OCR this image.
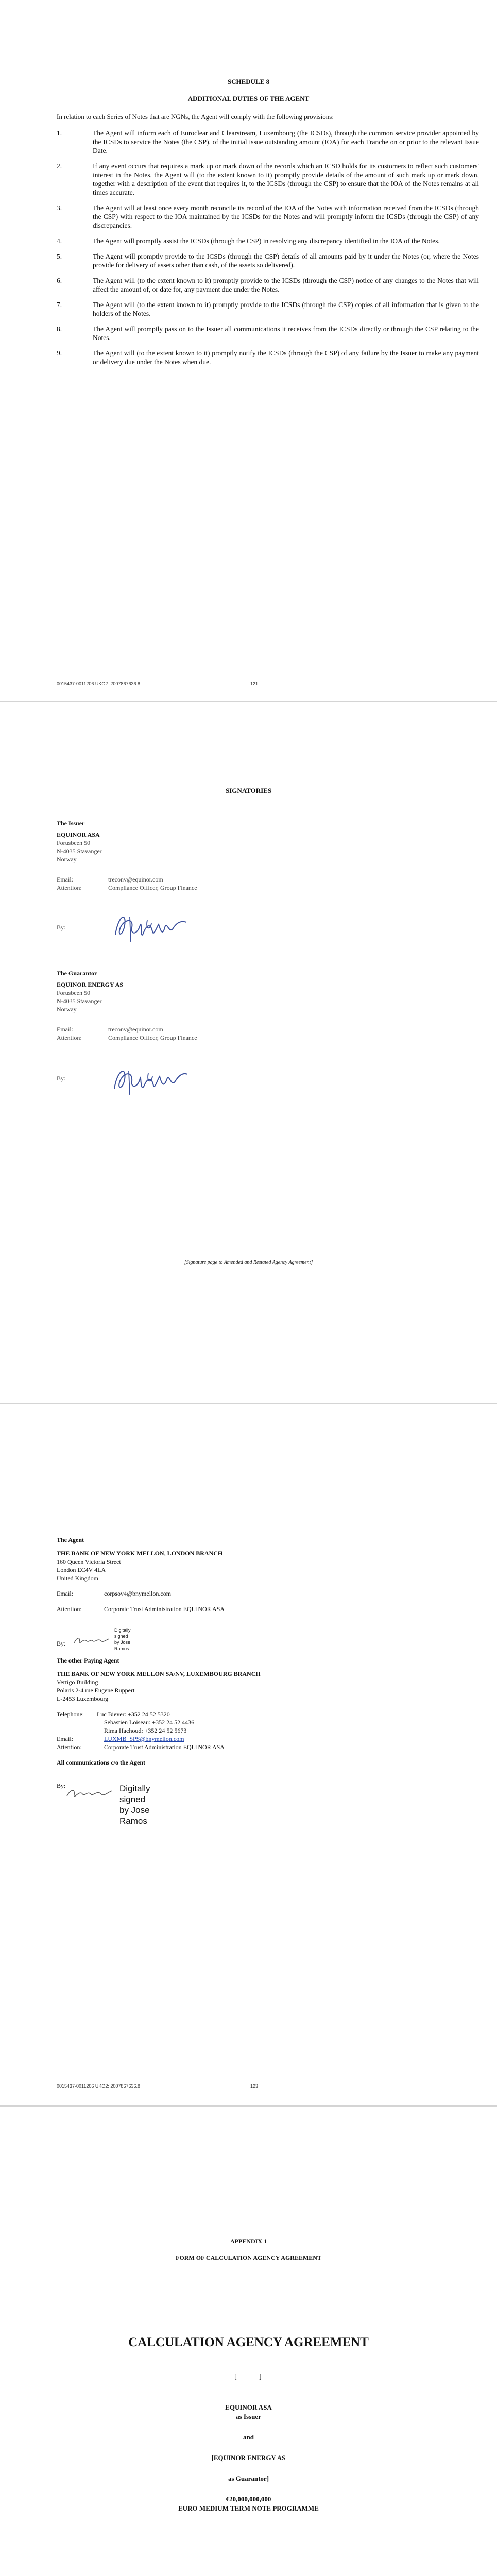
SCHEDULE 8
ADDITIONAL DUTIES OF THE AGENT
In relation to each Series of Notes that are NGNs, the Agent will comply with the following provisions:
1.	The Agent will inform each of Euroclear and Clearstream, Luxembourg (the ICSDs), through the common service provider appointed by the ICSDs to service the Notes (the CSP), of the initial issue outstanding amount (IOA) for each Tranche on or prior to the relevant Issue Date.
2.	If any event occurs that requires a mark up or mark down of the records which an ICSD holds for its customers to reflect such customers' interest in the Notes, the Agent will (to the extent known to it) promptly provide details of the amount of such mark up or mark down, together with a description of the event that requires it, to the ICSDs (through the CSP) to ensure that the IOA of the Notes remains at all times accurate.
3.	The Agent will at least once every month reconcile its record of the IOA of the Notes with information received from the ICSDs (through the CSP) with respect to the IOA maintained by the ICSDs for the Notes and will promptly inform the ICSDs (through the CSP) of any discrepancies.
4.	The Agent will promptly assist the ICSDs (through the CSP) in resolving any discrepancy identified in the IOA of the Notes.
5.	The Agent will promptly provide to the ICSDs (through the CSP) details of all amounts paid by it under the Notes (or, where the Notes provide for delivery of assets other than cash, of the assets so delivered).
6.	The Agent will (to the extent known to it) promptly provide to the ICSDs (through the CSP) notice of any changes to the Notes that will affect the amount of, or date for, any payment due under the Notes.
7.	The Agent will (to the extent known to it) promptly provide to the ICSDs (through the CSP) copies of all information that is given to the holders of the Notes.
8.	The Agent will promptly pass on to the Issuer all communications it receives from the ICSDs directly or through the CSP relating to the Notes.
9.	The Agent will (to the extent known to it) promptly notify the ICSDs (through the CSP) of any failure by the Issuer to make any payment or delivery due under the Notes when due.
0015437-0011206 UKO2: 2007867636.8	121
SIGNATORIES
The Issuer
EQUINOR ASA
Forusbeen 50
N-4035 Stavanger
Norway
Email:	treconv@equinor.com
Attention:	Compliance Officer, Group Finance
By:
The Guarantor
EQUINOR ENERGY AS
Forusbeen 50
N-4035 Stavanger
Norway
Email:	treconv@equinor.com
Attention:	Compliance Officer, Group Finance
By:
[Signature page to Amended and Restated Agency Agreement]
The Agent
THE BANK OF NEW YORK MELLON, LONDON BRANCH
160 Queen Victoria Street
London EC4V 4LA
United Kingdom
Email:	corpsov4@bnymellon.com
Attention:	Corporate Trust Administration EQUINOR ASA
By:
Digitally
signed
by Jose
Ramos
The other Paying Agent
THE BANK OF NEW YORK MELLON SA/NV, LUXEMBOURG BRANCH
Vertigo Building
Polaris 2-4 rue Eugene Ruppert
L-2453 Luxembourg
Telephone:	Luc Biever: +352 24 52 5320
Sebastien Loiseau: +352 24 52 4436
Rima Hachoud: +352 24 52 5673
Email:	LUXMB_SPS@bnymellon.com
Attention:	Corporate Trust Administration EQUINOR ASA
All communications c/o the Agent
By:	Digitally
signed
by Jose
Ramos
0015437-0011206 UKO2: 2007867636.8	123
APPENDIX 1
FORM OF CALCULATION AGENCY AGREEMENT
CALCULATION AGENCY AGREEMENT
[	]
EQUINOR ASA
as Issuer
and
[EQUINOR ENERGY AS
as Guarantor]
€20,000,000,000
EURO MEDIUM TERM NOTE PROGRAMME
